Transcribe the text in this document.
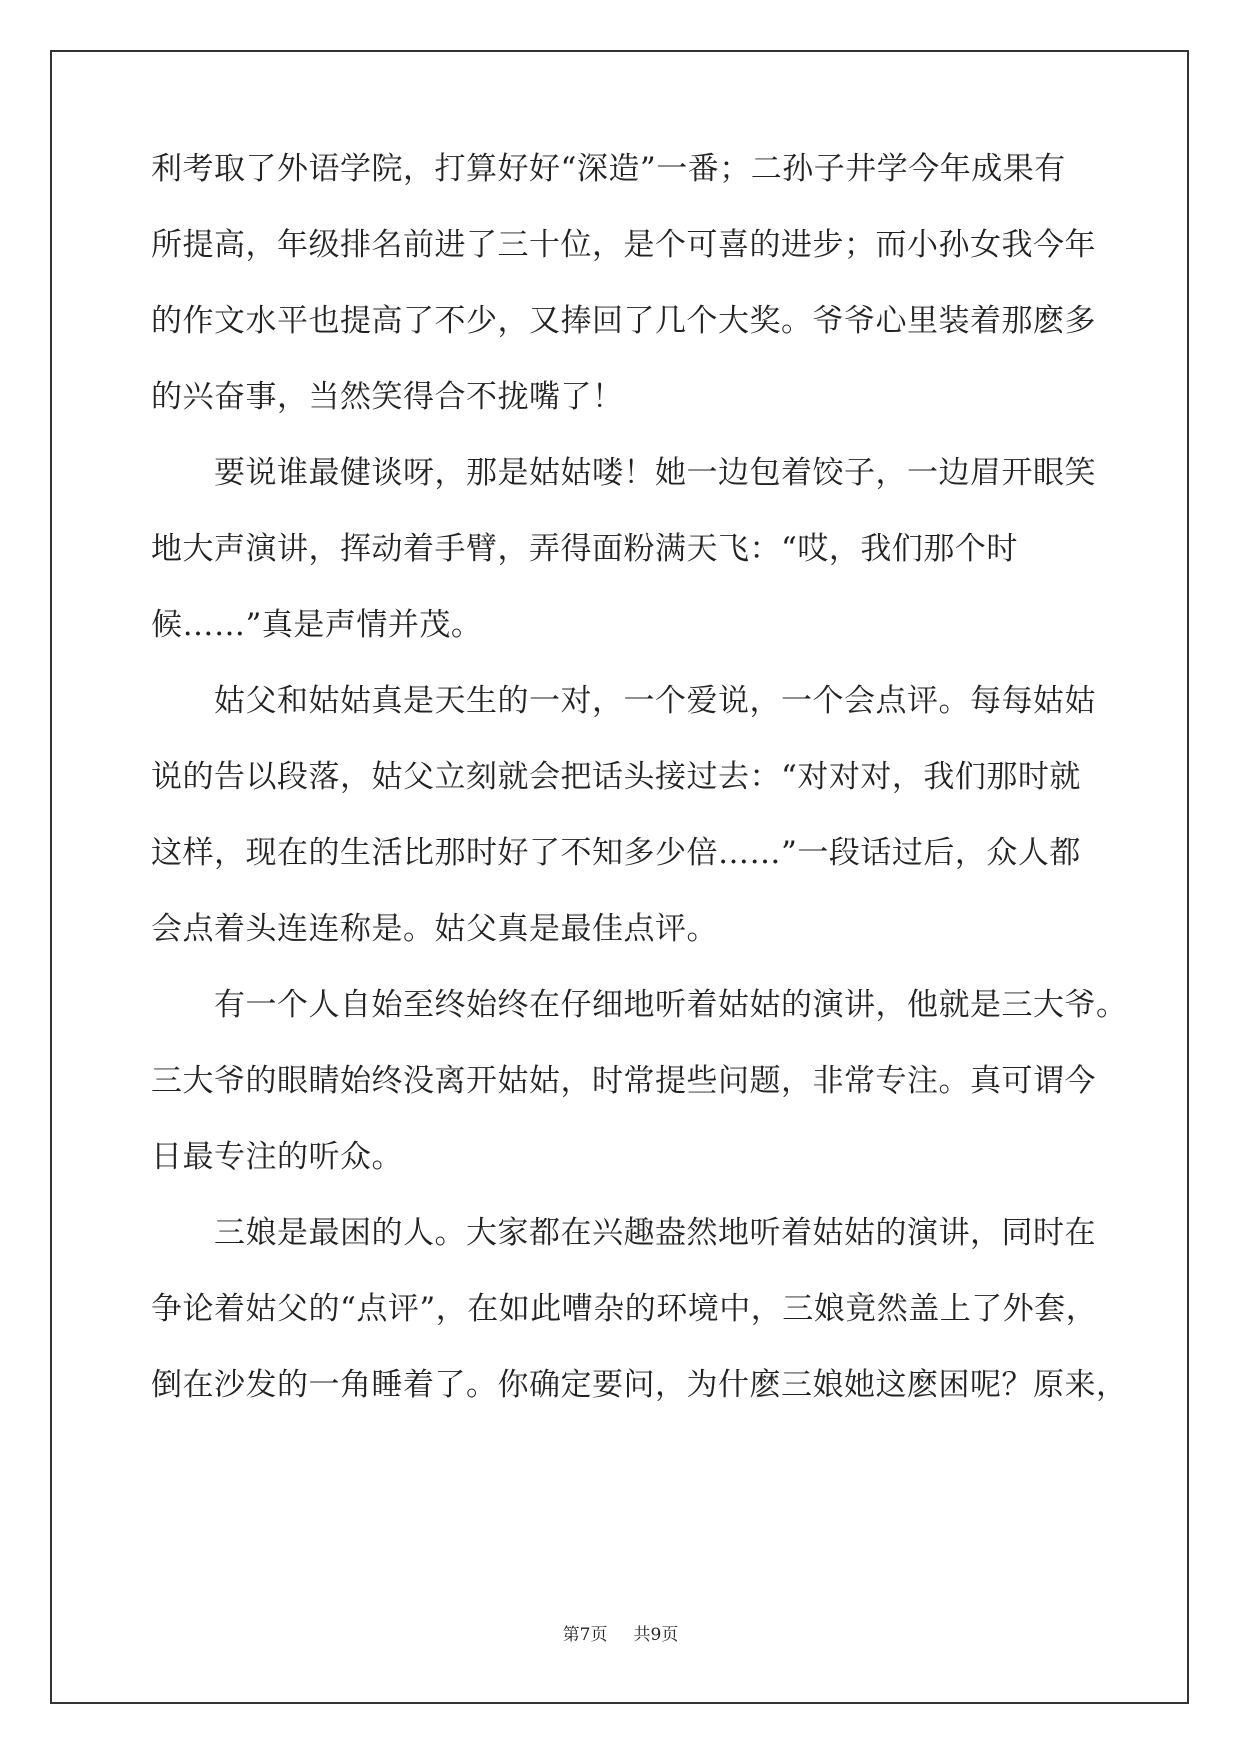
利考取了外语学院，打算好好“深造”一番；二孙子井学今年成果有
所提高，年级排名前进了三十位，是个可喜的进步；而小孙女我今年
的作文水平也提高了不少，又捧回了几个大奖。爷爷心里装着那麽多
的兴奋事，当然笑得合不拢嘴了！
　　要说谁最健谈呀，那是姑姑喽！她一边包着饺子，一边眉开眼笑
地大声演讲，挥动着手臂，弄得面粉满天飞：“哎，我们那个时
候……”真是声情并茂。
　　姑父和姑姑真是天生的一对，一个爱说，一个会点评。每每姑姑
说的告以段落，姑父立刻就会把话头接过去：“对对对，我们那时就
这样，现在的生活比那时好了不知多少倍……”一段话过后，众人都
会点着头连连称是。姑父真是最佳点评。
　　有一个人自始至终始终在仔细地听着姑姑的演讲，他就是三大爷。
三大爷的眼睛始终没离开姑姑，时常提些问题，非常专注。真可谓今
日最专注的听众。
　　三娘是最困的人。大家都在兴趣盎然地听着姑姑的演讲，同时在
争论着姑父的“点评”，在如此嘈杂的环境中，三娘竟然盖上了外套，
倒在沙发的一角睡着了。你确定要问，为什麽三娘她这麽困呢？原来，
第7页 共9页
